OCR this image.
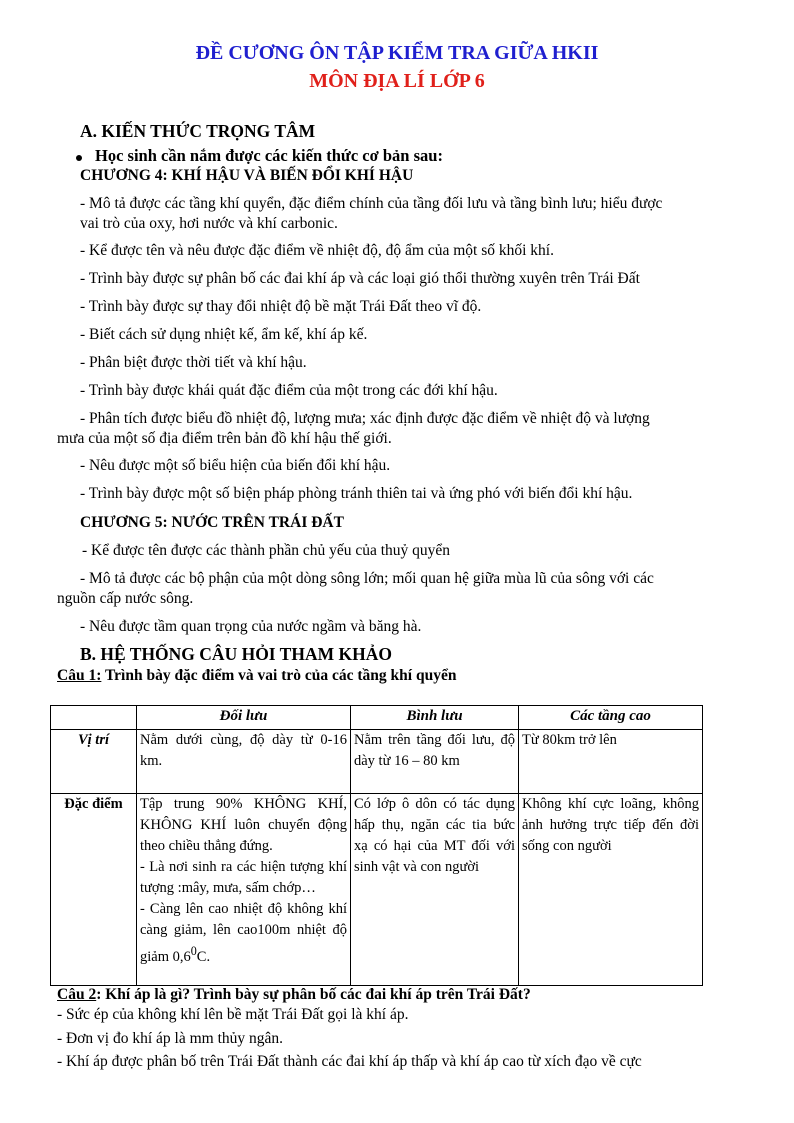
ĐỀ CƯƠNG ÔN TẬP KIỂM TRA GIỮA HKII
MÔN ĐỊA LÍ LỚP 6
A. KIẾN THỨC TRỌNG TÂM
Học sinh cần nắm được các kiến thức cơ bản sau:
CHƯƠNG 4: KHÍ HẬU VÀ BIẾN ĐỔI KHÍ HẬU
- Mô tả được các tầng khí quyển, đặc điểm chính của tầng đối lưu và tầng bình lưu; hiểu được
vai trò của oxy, hơi nước và khí carbonic.
- Kể được tên và nêu được đặc điểm về nhiệt độ, độ ẩm của một số khối khí.
- Trình bày được sự phân bố các đai khí áp và các loại gió thổi thường xuyên trên Trái Đất
- Trình bày được sự thay đổi nhiệt độ bề mặt Trái Đất theo vĩ độ.
- Biết cách sử dụng nhiệt kế, ẩm kế, khí áp kế.
- Phân biệt được thời tiết và khí hậu.
- Trình bày được khái quát đặc điểm của một trong các đới khí hậu.
- Phân tích được biểu đồ nhiệt độ, lượng mưa; xác định được đặc điểm về nhiệt độ và lượng
mưa của một số địa điểm trên bản đồ khí hậu thế giới.
- Nêu được một số biểu hiện của biến đổi khí hậu.
- Trình bày được một số biện pháp phòng tránh thiên tai và ứng phó với biến đổi khí hậu.
CHƯƠNG 5: NƯỚC TRÊN TRÁI ĐẤT
- Kể được tên được các thành phần chủ yếu của thuỷ quyển
- Mô tả được các bộ phận của một dòng sông lớn; mối quan hệ giữa mùa lũ của sông với các
nguồn cấp nước sông.
- Nêu được tầm quan trọng của nước ngầm và băng hà.
B. HỆ THỐNG CÂU HỎI THAM KHẢO
Câu 1: Trình bày đặc điểm và vai trò của các tầng khí quyển
	Đối lưu	Bình lưu	Các tầng cao
Vị trí	Nằm dưới cùng, độ dày từ 0-16 km.	Nằm trên tầng đối lưu, độ dày từ 16 – 80 km	Từ 80km trở lên

Đặc điểm	Tập trung 90% KHÔNG KHÍ, KHÔNG KHÍ luôn chuyển động theo chiều thẳng đứng.

- Là nơi sinh ra các hiện tượng khí tượng :mây, mưa, sấm chớp…

- Càng lên cao nhiệt độ không khí càng giảm, lên cao100m nhiệt độ giảm $0,6^0C$.	Có lớp ô dôn có tác dụng hấp thụ, ngăn các tia bức xạ có hại của MT đối với sinh vật và con người	Không khí cực loãng, không ảnh hưởng trực tiếp đến đời sống con người

Câu 2: Khí áp là gì? Trình bày sự phân bố các đai khí áp trên Trái Đất?
- Sức ép của không khí lên bề mặt Trái Đất gọi là khí áp.
- Đơn vị đo khí áp là mm thủy ngân.
- Khí áp được phân bố trên Trái Đất thành các đai khí áp thấp và khí áp cao từ xích đạo về cực
